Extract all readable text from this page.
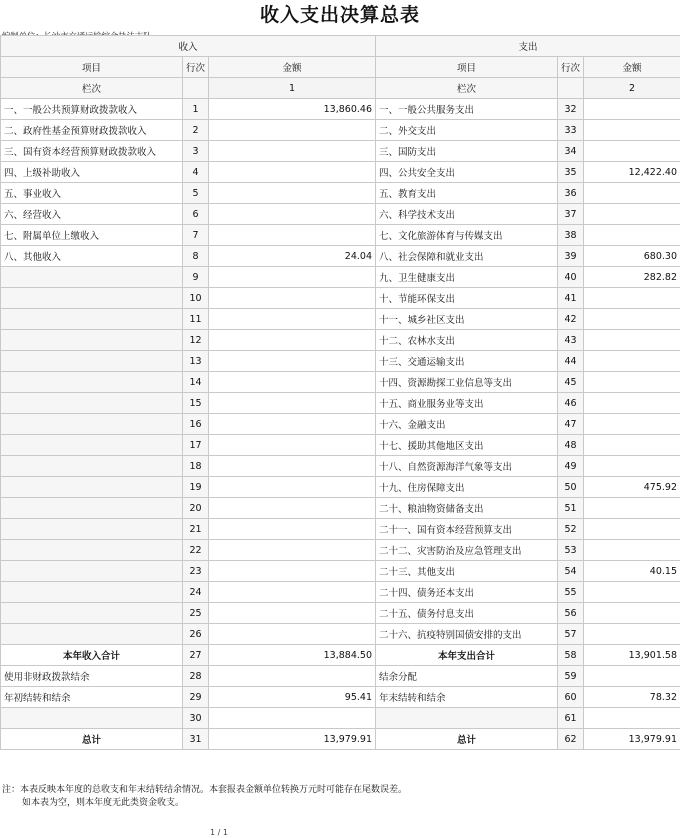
收入支出决算总表
收入			支出		
项目	行次	金额	项目	行次	金额
栏次		1	栏次		2
一、一般公共预算财政拨款收入	1	13,860.46	一、一般公共服务支出	32	
二、政府性基金预算财政拨款收入	2		二、外交支出	33	
三、国有资本经营预算财政拨款收入	3		三、国防支出	34	
四、上级补助收入	4		四、公共安全支出	35	12,422.40
五、事业收入	5		五、教育支出	36	
六、经营收入	6		六、科学技术支出	37	
七、附属单位上缴收入	7		七、文化旅游体育与传媒支出	38	
八、其他收入	8	24.04	八、社会保障和就业支出	39	680.30
	9		九、卫生健康支出	40	282.82
	10		十、节能环保支出	41	
	11		十一、城乡社区支出	42	
	12		十二、农林水支出	43	
	13		十三、交通运输支出	44	
	14		十四、资源勘探工业信息等支出	45	
	15		十五、商业服务业等支出	46	
	16		十六、金融支出	47	
	17		十七、援助其他地区支出	48	
	18		十八、自然资源海洋气象等支出	49	
	19		十九、住房保障支出	50	475.92
	20		二十、粮油物资储备支出	51	
	21		二十一、国有资本经营预算支出	52	
	22		二十二、灾害防治及应急管理支出	53	
	23		二十三、其他支出	54	40.15
	24		二十四、债务还本支出	55	
	25		二十五、债务付息支出	56	
	26		二十六、抗疫特别国债安排的支出	57	
本年收入合计	27	13,884.50	本年支出合计	58	13,901.58
使用非财政拨款结余	28		结余分配	59	
年初结转和结余	29	95.41	年末结转和结余	60	78.32
	30			61	
总计	31	13,979.91	总计	62	13,979.91
注：本表反映本年度的总收支和年末结转结余情况。本套报表金额单位转换万元时可能存在尾数误差。
如本表为空，则本年度无此类资金收支。
1 / 1
